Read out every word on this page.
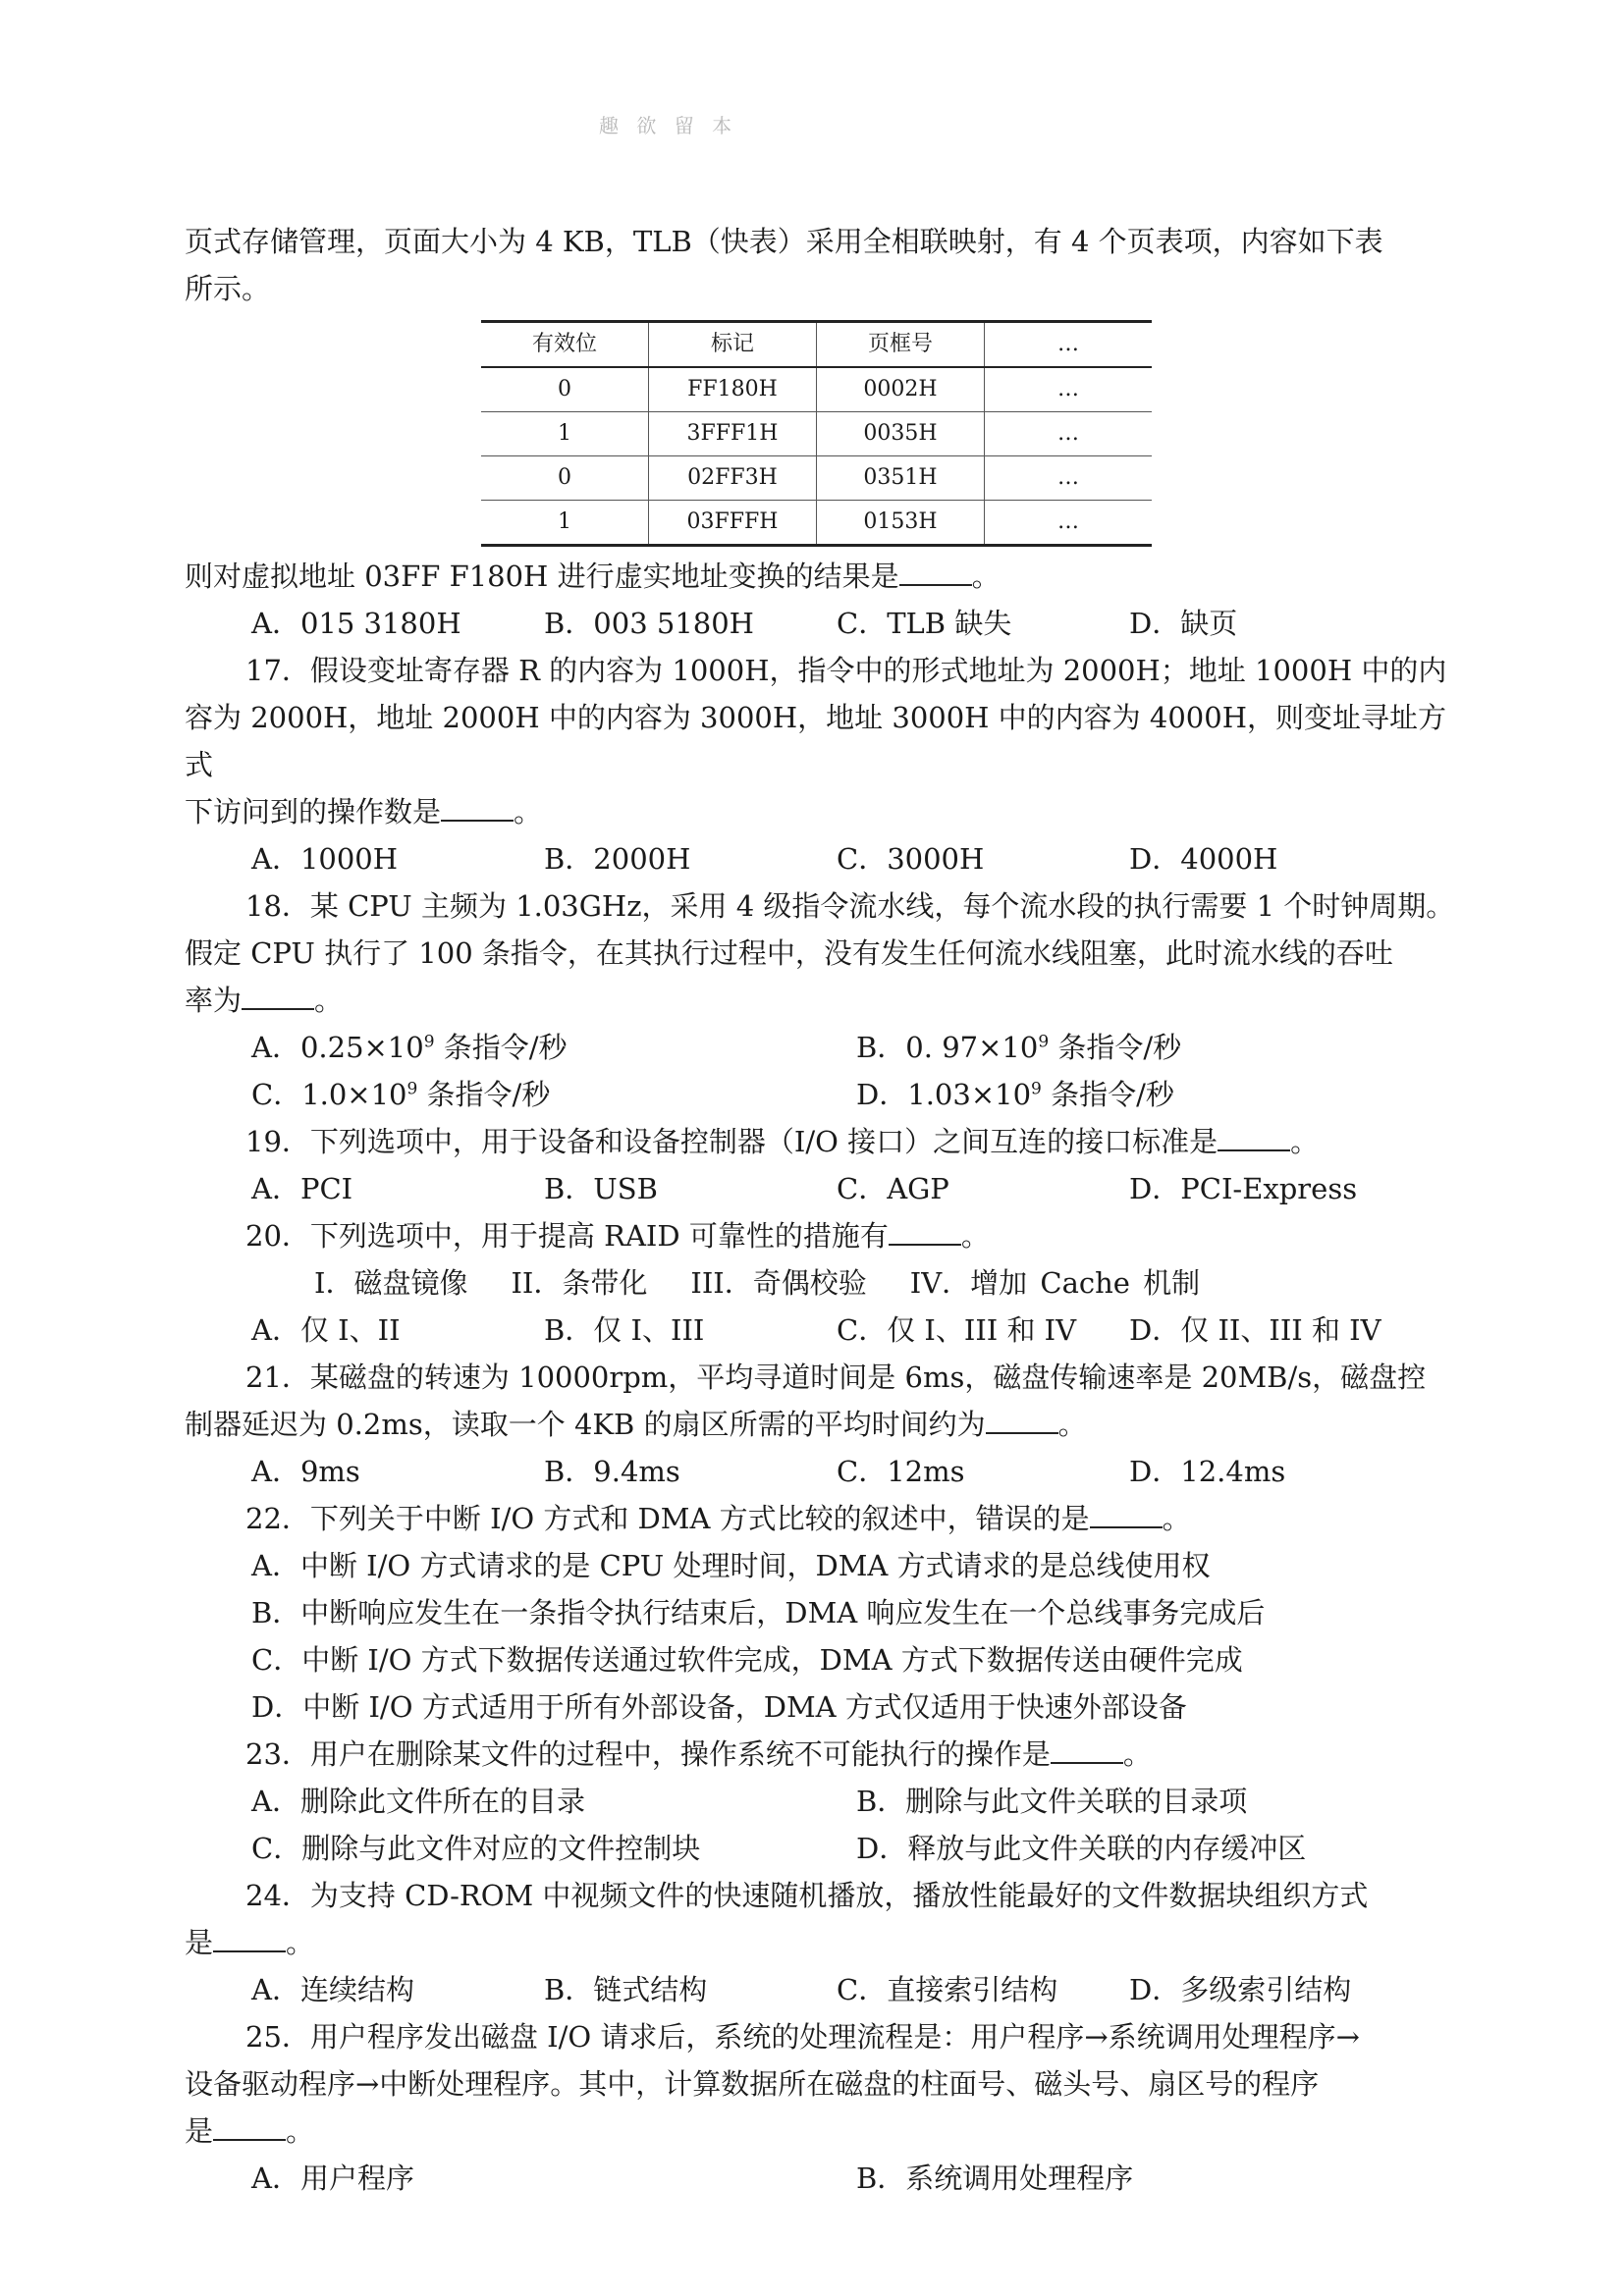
趣 欲 留 本

页式存储管理，页面大小为 4 KB，TLB（快表）采用全相联映射，有 4 个页表项，内容如下表

所示。

有效位	标记	页框号	…
0	FF180H	0002H	…
1	3FFF1H	0035H	…
0	02FF3H	0351H	…
1	03FFFH	0153H	…

则对虚拟地址 03FF F180H 进行虚实地址变换的结果是	。

A．015 3180H	B．003 5180H	C．TLB 缺失	D．缺页

17．假设变址寄存器 R 的内容为 1000H，指令中的形式地址为 2000H；地址 1000H 中的内

容为 2000H，地址 2000H 中的内容为 3000H，地址 3000H 中的内容为 4000H，则变址寻址方式

下访问到的操作数是	。

A．1000H	B．2000H	C．3000H	D．4000H

18．某 CPU 主频为 1.03GHz，采用 4 级指令流水线，每个流水段的执行需要 1 个时钟周期。

假定 CPU 执行了 100 条指令，在其执行过程中，没有发生任何流水线阻塞，此时流水线的吞吐

率为	。

A．$0.25\times 10^9$ 条指令/秒	B．0. $97\times 10^9$ 条指令/秒
C．$1.0\times 10^9$ 条指令/秒	D．$1.03\times 10^9$ 条指令/秒

19．下列选项中，用于设备和设备控制器（I/O 接口）之间互连的接口标准是	。

A．PCI	B．USB	C．AGP	D．PCI-Express

20．下列选项中，用于提高 RAID 可靠性的措施有	。

I．磁盘镜像 II．条带化 III．奇偶校验 IV．增加 Cache 机制

A．仅 I、II	B．仅 I、III	C．仅 I、III 和 IV	D．仅 II、III 和 IV

21．某磁盘的转速为 10000rpm，平均寻道时间是 6ms，磁盘传输速率是 20MB/s，磁盘控

制器延迟为 0.2ms，读取一个 4KB 的扇区所需的平均时间约为	。

A．9ms	B．9.4ms	C．12ms	D．12.4ms

22．下列关于中断 I/O 方式和 DMA 方式比较的叙述中，错误的是	。

A．中断 I/O 方式请求的是 CPU 处理时间，DMA 方式请求的是总线使用权

B．中断响应发生在一条指令执行结束后，DMA 响应发生在一个总线事务完成后

C．中断 I/O 方式下数据传送通过软件完成，DMA 方式下数据传送由硬件完成

D．中断 I/O 方式适用于所有外部设备，DMA 方式仅适用于快速外部设备

23．用户在删除某文件的过程中，操作系统不可能执行的操作是	。

A．删除此文件所在的目录	B．删除与此文件关联的目录项
C．删除与此文件对应的文件控制块	D．释放与此文件关联的内存缓冲区

24．为支持 CD-ROM 中视频文件的快速随机播放，播放性能最好的文件数据块组织方式

是	。

A．连续结构	B．链式结构	C．直接索引结构	D．多级索引结构

25．用户程序发出磁盘 I/O 请求后，系统的处理流程是：用户程序→系统调用处理程序→

设备驱动程序→中断处理程序。其中，计算数据所在磁盘的柱面号、磁头号、扇区号的程序

是	。

A．用户程序	B．系统调用处理程序
